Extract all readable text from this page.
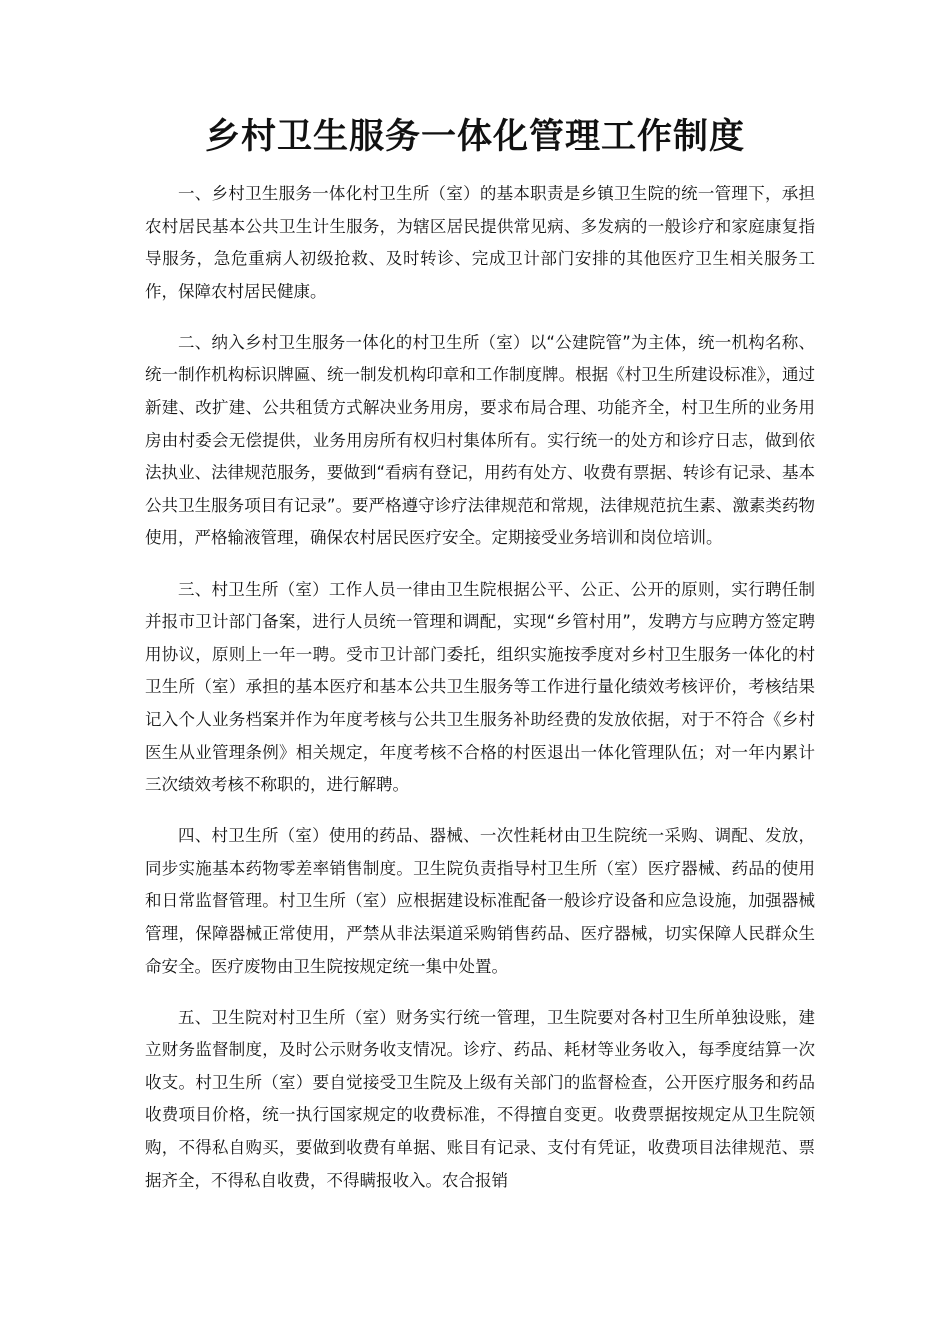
乡村卫生服务一体化管理工作制度

一、乡村卫生服务一体化村卫生所（室）的基本职责是乡镇卫生院的统一管理下，承担农村居民基本公共卫生计生服务，为辖区居民提供常见病、多发病的一般诊疗和家庭康复指导服务，急危重病人初级抢救、及时转诊、完成卫计部门安排的其他医疗卫生相关服务工作，保障农村居民健康。

二、纳入乡村卫生服务一体化的村卫生所（室）以“公建院管”为主体，统一机构名称、统一制作机构标识牌匾、统一制发机构印章和工作制度牌。根据《村卫生所建设标准》，通过新建、改扩建、公共租赁方式解决业务用房，要求布局合理、功能齐全，村卫生所的业务用房由村委会无偿提供，业务用房所有权归村集体所有。实行统一的处方和诊疗日志，做到依法执业、法律规范服务，要做到“看病有登记，用药有处方、收费有票据、转诊有记录、基本公共卫生服务项目有记录”。要严格遵守诊疗法律规范和常规，法律规范抗生素、激素类药物使用，严格输液管理，确保农村居民医疗安全。定期接受业务培训和岗位培训。

三、村卫生所（室）工作人员一律由卫生院根据公平、公正、公开的原则，实行聘任制并报市卫计部门备案，进行人员统一管理和调配，实现“乡管村用”，发聘方与应聘方签定聘用协议，原则上一年一聘。受市卫计部门委托，组织实施按季度对乡村卫生服务一体化的村卫生所（室）承担的基本医疗和基本公共卫生服务等工作进行量化绩效考核评价，考核结果记入个人业务档案并作为年度考核与公共卫生服务补助经费的发放依据，对于不符合《乡村医生从业管理条例》相关规定，年度考核不合格的村医退出一体化管理队伍；对一年内累计三次绩效考核不称职的，进行解聘。

四、村卫生所（室）使用的药品、器械、一次性耗材由卫生院统一采购、调配、发放，同步实施基本药物零差率销售制度。卫生院负责指导村卫生所（室）医疗器械、药品的使用和日常监督管理。村卫生所（室）应根据建设标准配备一般诊疗设备和应急设施，加强器械管理，保障器械正常使用，严禁从非法渠道采购销售药品、医疗器械，切实保障人民群众生命安全。医疗废物由卫生院按规定统一集中处置。

五、卫生院对村卫生所（室）财务实行统一管理，卫生院要对各村卫生所单独设账，建立财务监督制度，及时公示财务收支情况。诊疗、药品、耗材等业务收入，每季度结算一次收支。村卫生所（室）要自觉接受卫生院及上级有关部门的监督检查，公开医疗服务和药品收费项目价格，统一执行国家规定的收费标准，不得擅自变更。收费票据按规定从卫生院领购，不得私自购买，要做到收费有单据、账目有记录、支付有凭证，收费项目法律规范、票据齐全，不得私自收费，不得瞒报收入。农合报销
